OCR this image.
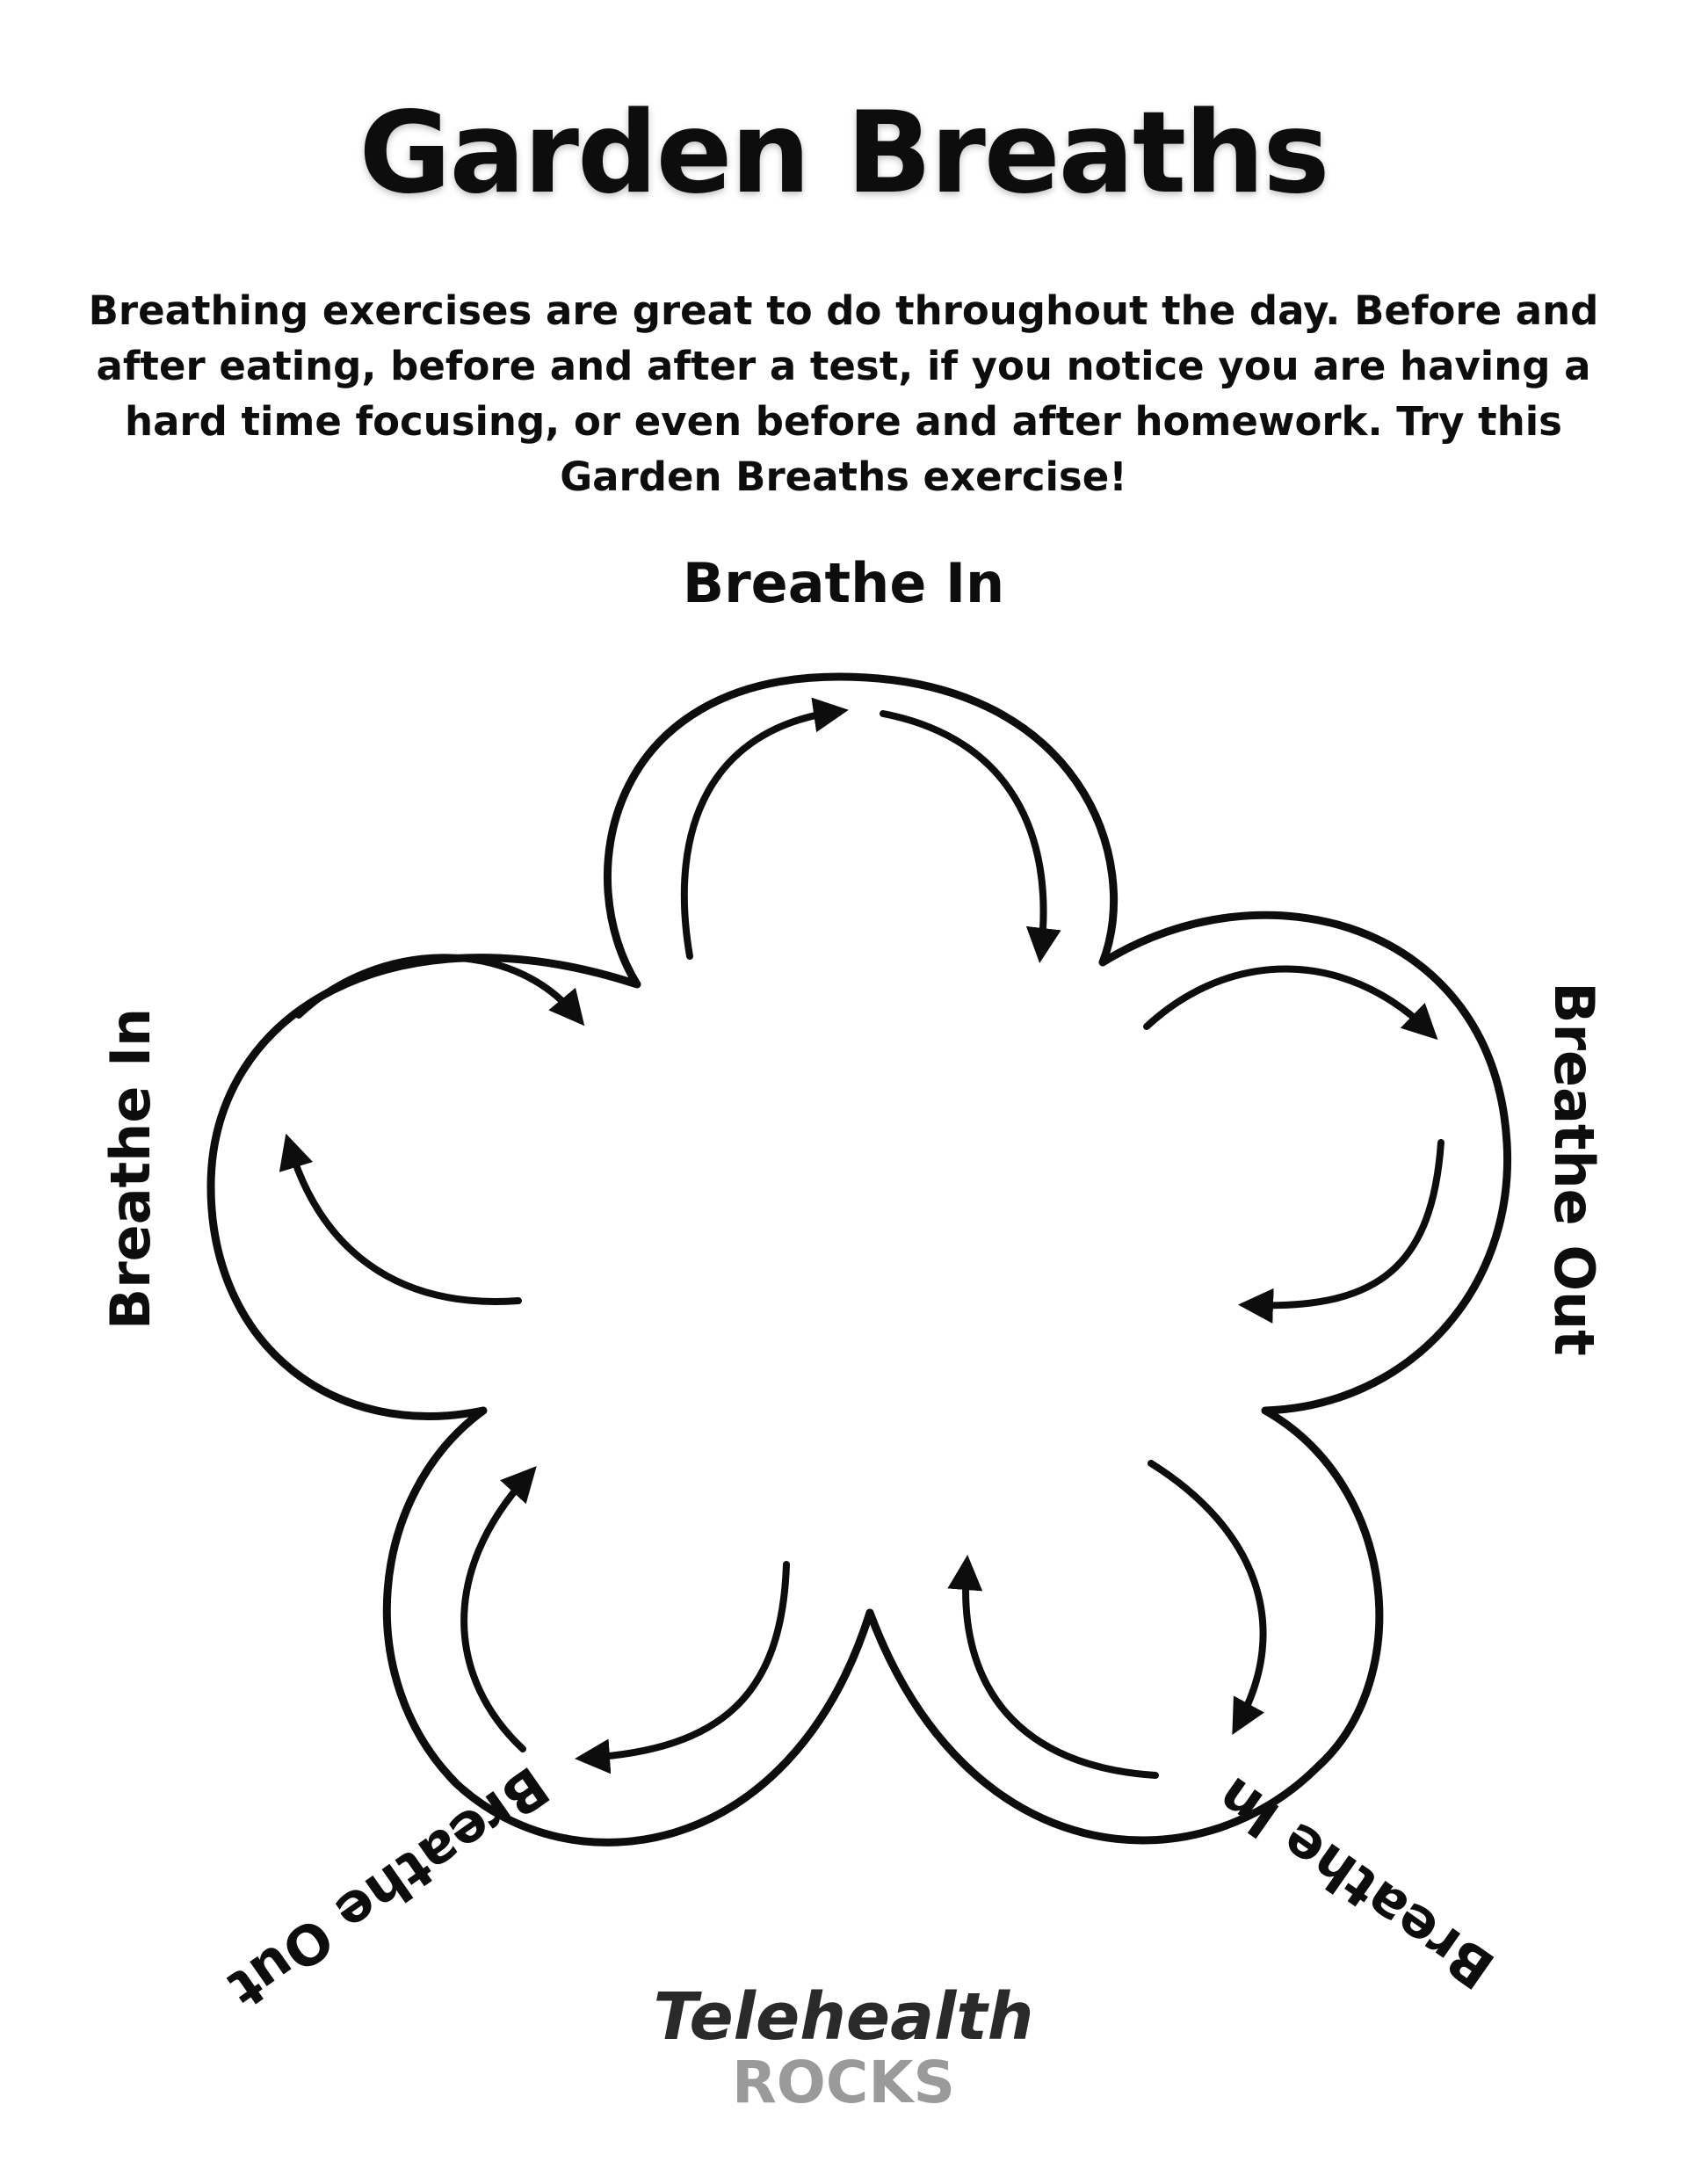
Garden Breaths

Breathing exercises are great to do throughout the day. Before and after eating, before and after a test, if you notice you are having a hard time focusing, or even before and after homework. Try this Garden Breaths exercise!

Breathe In
Breathe In	Breathe Out
Breathe In
Breathe Out	Telehealth
ROCKS
